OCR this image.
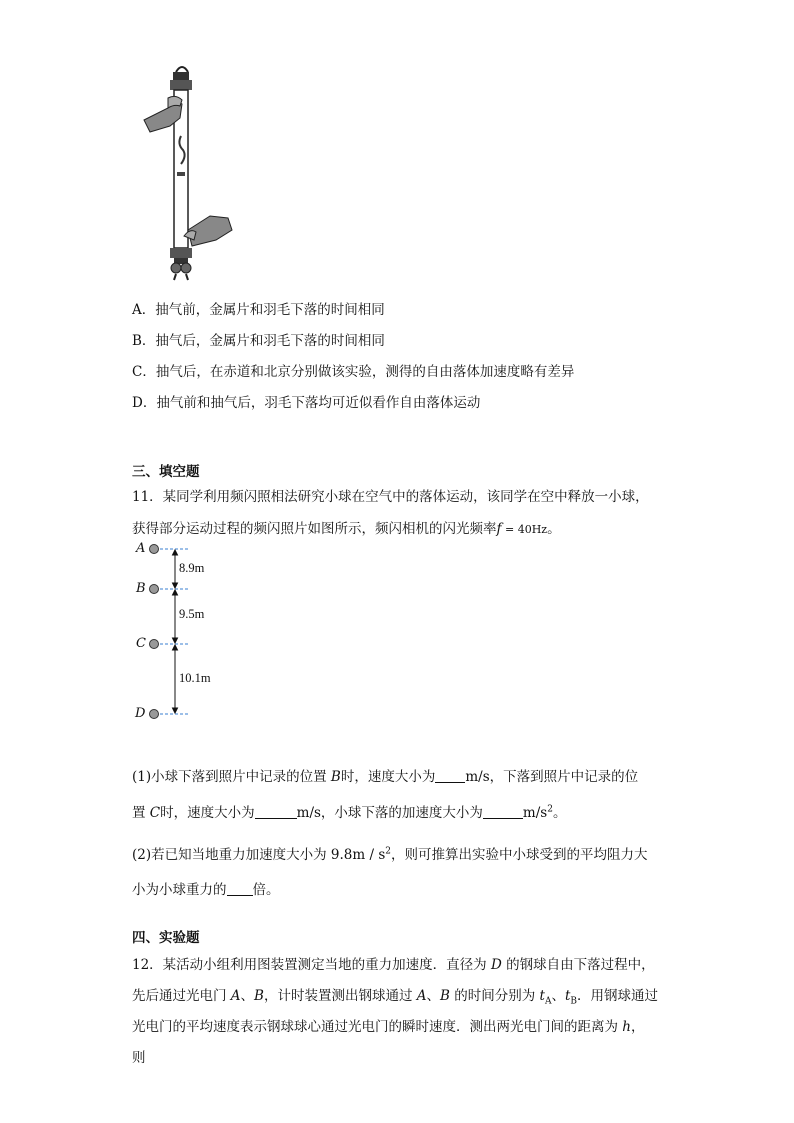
A．抽气前，金属片和羽毛下落的时间相同
B．抽气后，金属片和羽毛下落的时间相同
C．抽气后，在赤道和北京分别做该实验，测得的自由落体加速度略有差异
D．抽气前和抽气后，羽毛下落均可近似看作自由落体运动
三、填空题
11．某同学利用频闪照相法研究小球在空气中的落体运动，该同学在空中释放一小球，
获得部分运动过程的频闪照片如图所示，频闪相机的闪光频率f = 40Hz。
A
B
C
D
8.9m
9.5m
10.1m
(1)小球下落到照片中记录的位置 B时，速度大小为 m/s，下落到照片中记录的位
置 C时，速度大小为	m/s，小球下落的加速度大小为	$m/s^2$。
(2)若已知当地重力加速度大小为 $9.8m / s^2$，则可推算出实验中小球受到的平均阻力大
小为小球重力的 倍。
四、实验题
12．某活动小组利用图装置测定当地的重力加速度．直径为 D 的钢球自由下落过程中，
先后通过光电门 A、B，计时装置测出钢球通过 A、B 的时间分别为 $t_A$、$t_B$．用钢球通过
光电门的平均速度表示钢球球心通过光电门的瞬时速度．测出两光电门间的距离为 h，
则
